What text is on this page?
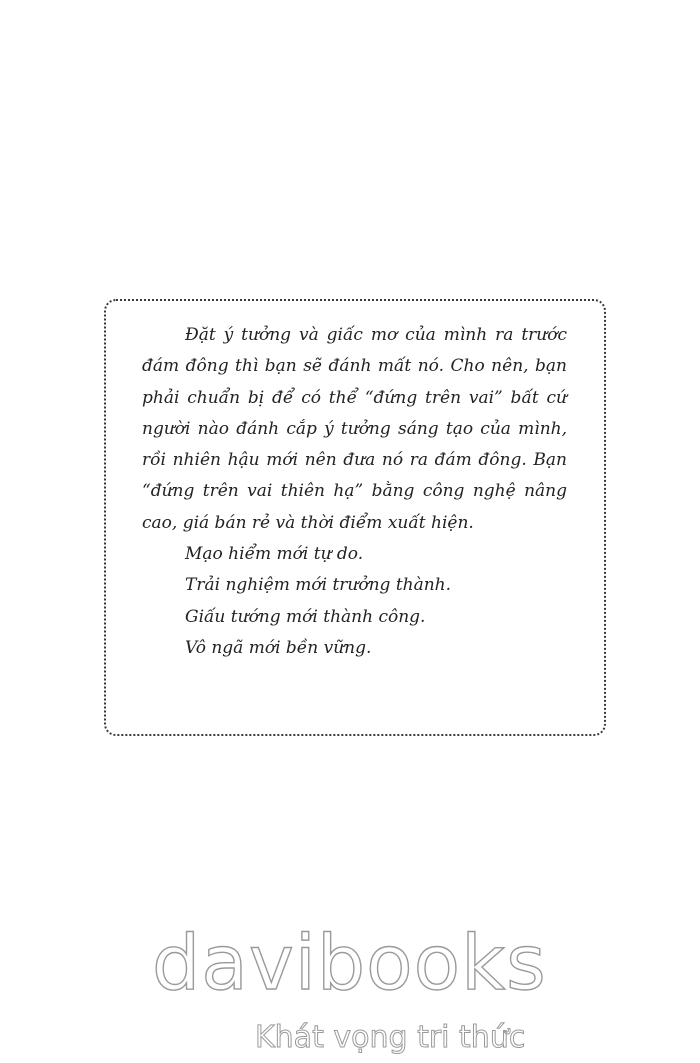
Đặt ý tưởng và giấc mơ của mình ra trước đám đông thì bạn sẽ đánh mất nó. Cho nên, bạn phải chuẩn bị để có thể “đứng trên vai” bất cứ người nào đánh cắp ý tưởng sáng tạo của mình, rồi nhiên hậu mới nên đưa nó ra đám đông. Bạn “đứng trên vai thiên hạ” bằng công nghệ nâng cao, giá bán rẻ và thời điểm xuất hiện.

Mạo hiểm mới tự do.

Trải nghiệm mới trưởng thành.

Giấu tướng mới thành công.

Vô ngã mới bền vững.

davibooks
Khát vọng tri thức
